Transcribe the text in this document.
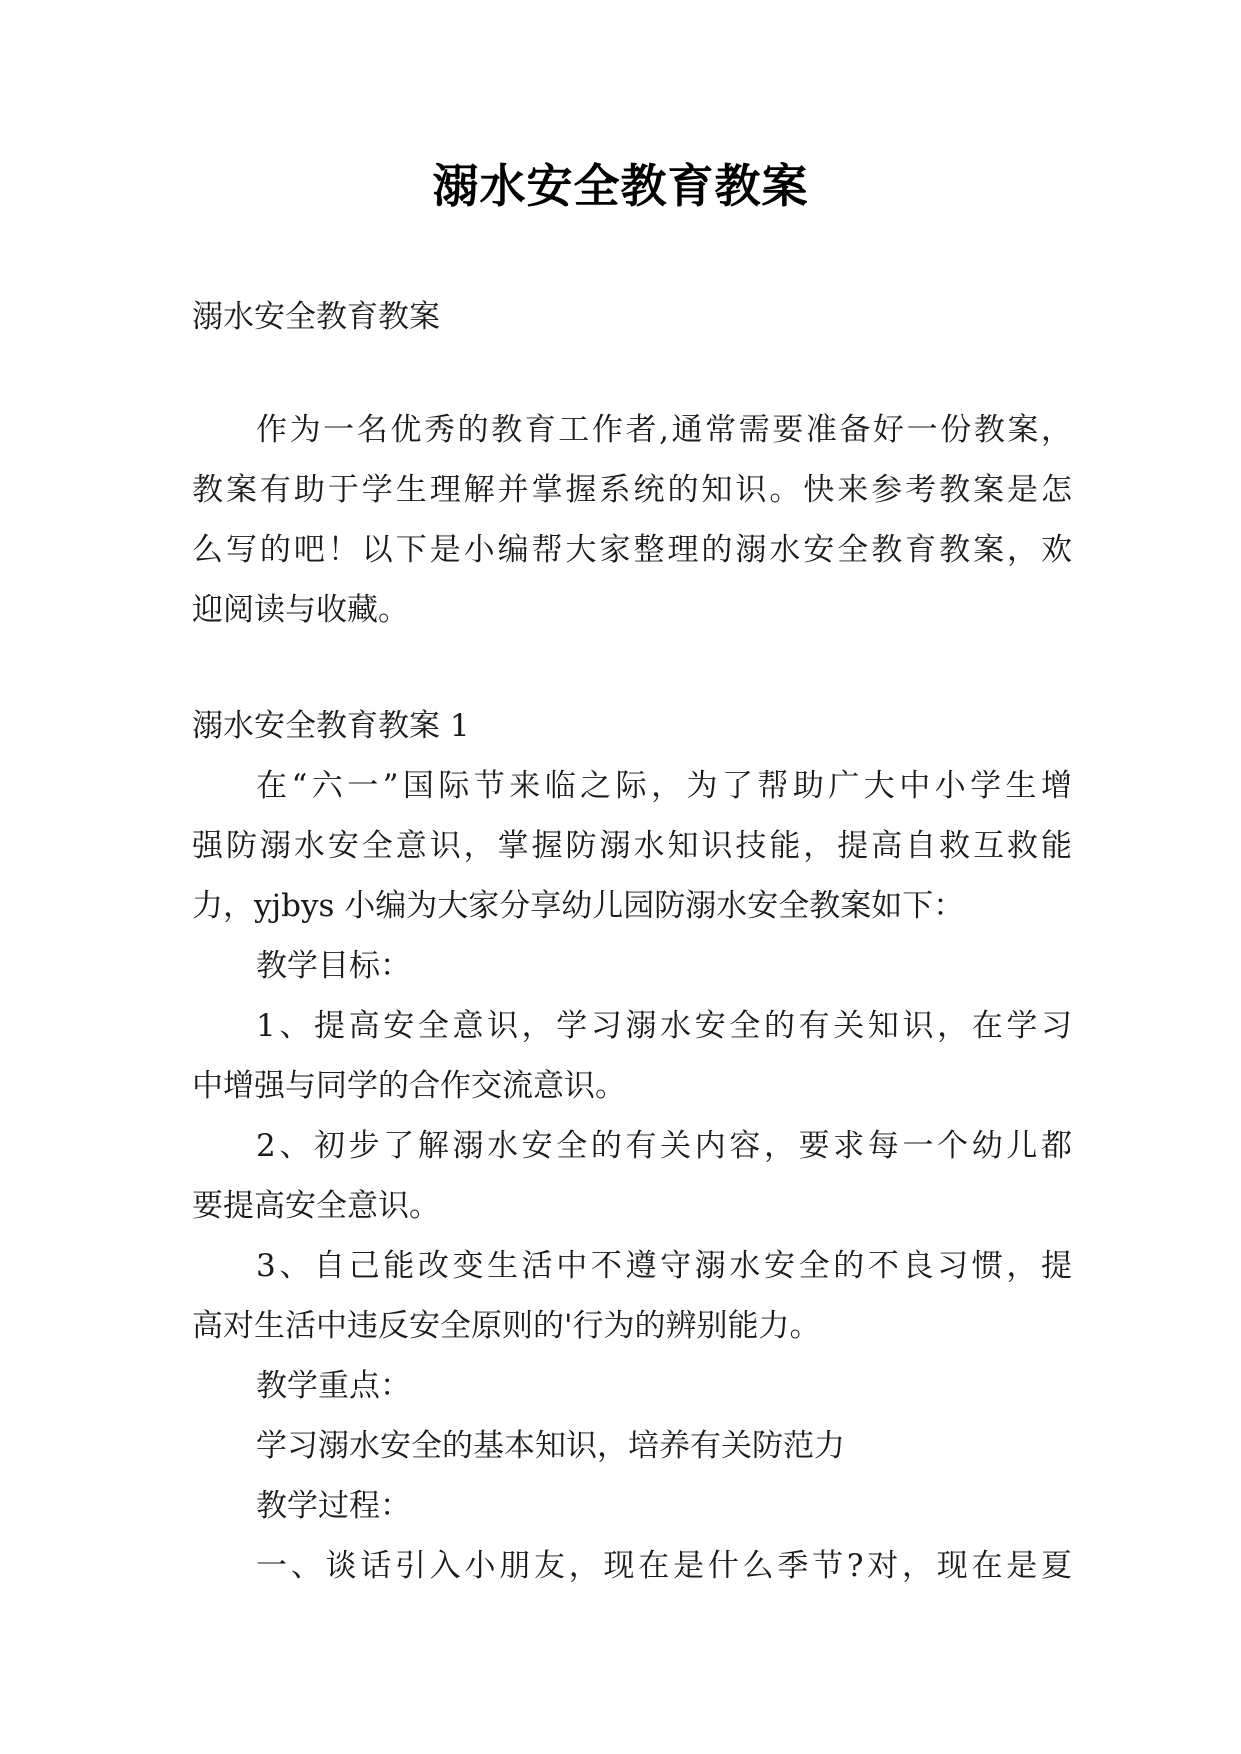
溺水安全教育教案
溺水安全教育教案
作为一名优秀的教育工作者,通常需要准备好一份教案，
教案有助于学生理解并掌握系统的知识。快来参考教案是怎
么写的吧！以下是小编帮大家整理的溺水安全教育教案，欢
迎阅读与收藏。
溺水安全教育教案 1
在“六一”国际节来临之际，为了帮助广大中小学生增
强防溺水安全意识，掌握防溺水知识技能，提高自救互救能
力，yjbys 小编为大家分享幼儿园防溺水安全教案如下：
教学目标：
1、提高安全意识，学习溺水安全的有关知识，在学习
中增强与同学的合作交流意识。
2、初步了解溺水安全的有关内容，要求每一个幼儿都
要提高安全意识。
3、自己能改变生活中不遵守溺水安全的不良习惯，提
高对生活中违反安全原则的'行为的辨别能力。
教学重点：
学习溺水安全的基本知识，培养有关防范力
教学过程：
一、谈话引入小朋友，现在是什么季节?对，现在是夏
